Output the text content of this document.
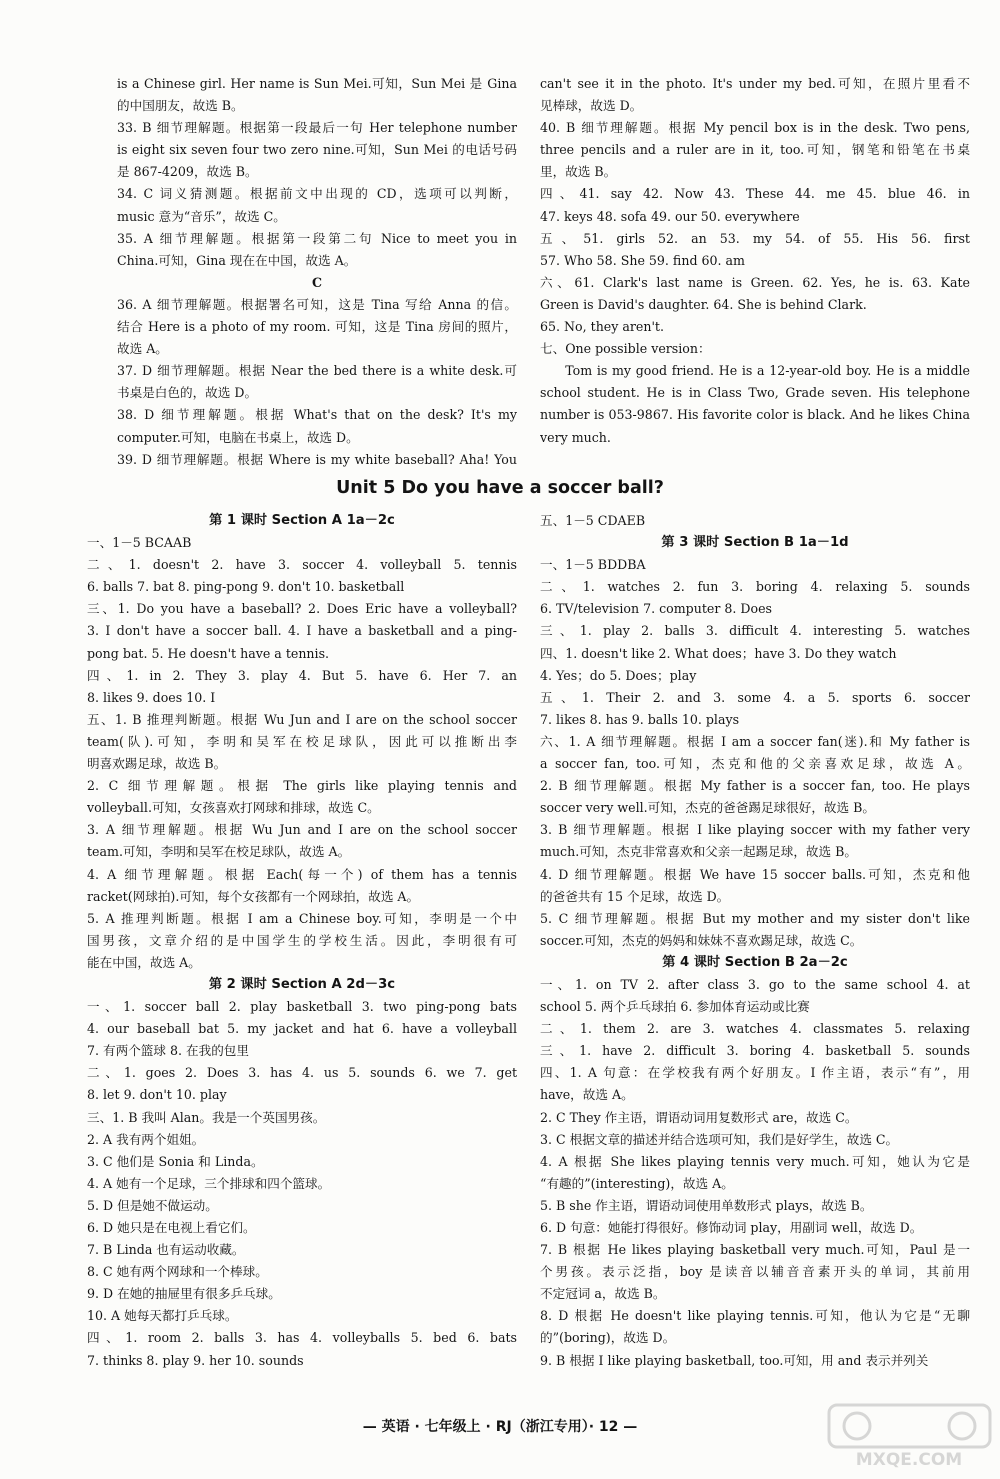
is a Chinese girl. Her name is Sun Mei.可知，Sun Mei 是 Gina
的中国朋友，故选 B。
33. B 细节理解题。根据第一段最后一句 Her telephone number
is eight six seven four two zero nine.可知，Sun Mei 的电话号码
是 867-4209，故选 B。
34. C 词义猜测题。根据前文中出现的 CD，选项可以判断，
music 意为“音乐”，故选 C。
35. A 细节理解题。根据第一段第二句 Nice to meet you in
China.可知，Gina 现在在中国，故选 A。
C
36. A 细节理解题。根据署名可知，这是 Tina 写给 Anna 的信。
结合 Here is a photo of my room. 可知，这是 Tina 房间的照片，
故选 A。
37. D 细节理解题。根据 Near the bed there is a white desk.可
书桌是白色的，故选 D。
38. D 细节理解题。根据 What's that on the desk? It's my
computer.可知，电脑在书桌上，故选 D。
39. D 细节理解题。根据 Where is my white baseball? Aha! You
can't see it in the photo. It's under my bed.可知，在照片里看不
见棒球，故选 D。
40. B 细节理解题。根据 My pencil box is in the desk. Two pens,
three pencils and a ruler are in it, too.可知，钢笔和铅笔在书桌
里，故选 B。
四、41. say 42. Now 43. These 44. me 45. blue 46. in
47. keys 48. sofa 49. our 50. everywhere
五、51. girls 52. an 53. my 54. of 55. His 56. first
57. Who 58. She 59. find 60. am
六、61. Clark's last name is Green. 62. Yes, he is. 63. Kate
Green is David's daughter. 64. She is behind Clark.
65. No, they aren't.
七、One possible version：
Tom is my good friend. He is a 12-year-old boy. He is a middle
school student. He is in Class Two, Grade seven. His telephone
number is 053-9867. His favorite color is black. And he likes China
very much.
Unit 5 Do you have a soccer ball?
第 1 课时 Section A 1a－2c
一、1－5 BCAAB
二、1. doesn't 2. have 3. soccer 4. volleyball 5. tennis
6. balls 7. bat 8. ping-pong 9. don't 10. basketball
三、1. Do you have a baseball? 2. Does Eric have a volleyball?
3. I don't have a soccer ball. 4. I have a basketball and a ping-
pong bat. 5. He doesn't have a tennis.
四、1. in 2. They 3. play 4. But 5. have 6. Her 7. an
8. likes 9. does 10. I
五、1. B 推理判断题。根据 Wu Jun and I are on the school soccer
team(队).可知，李明和吴军在校足球队，因此可以推断出李
明喜欢踢足球，故选 B。
2. C 细节理解题。根据 The girls like playing tennis and
volleyball.可知，女孩喜欢打网球和排球，故选 C。
3. A 细节理解题。根据 Wu Jun and I are on the school soccer
team.可知，李明和吴军在校足球队，故选 A。
4. A 细节理解题。根据 Each(每一个) of them has a tennis
racket(网球拍).可知，每个女孩都有一个网球拍，故选 A。
5. A 推理判断题。根据 I am a Chinese boy.可知，李明是一个中
国男孩，文章介绍的是中国学生的学校生活。因此，李明很有可
能在中国，故选 A。
第 2 课时 Section A 2d－3c
一、1. soccer ball 2. play basketball 3. two ping-pong bats
4. our baseball bat 5. my jacket and hat 6. have a volleyball
7. 有两个篮球 8. 在我的包里
二、1. goes 2. Does 3. has 4. us 5. sounds 6. we 7. get
8. let 9. don't 10. play
三、1. B 我叫 Alan。我是一个英国男孩。
2. A 我有两个姐姐。
3. C 他们是 Sonia 和 Linda。
4. A 她有一个足球，三个排球和四个篮球。
5. D 但是她不做运动。
6. D 她只是在电视上看它们。
7. B Linda 也有运动收藏。
8. C 她有两个网球和一个棒球。
9. D 在她的抽屉里有很多乒乓球。
10. A 她每天都打乒乓球。
四、1. room 2. balls 3. has 4. volleyballs 5. bed 6. bats
7. thinks 8. play 9. her 10. sounds
五、1－5 CDAEB
第 3 课时 Section B 1a－1d
一、1－5 BDDBA
二、1. watches 2. fun 3. boring 4. relaxing 5. sounds
6. TV/television 7. computer 8. Does
三、1. play 2. balls 3. difficult 4. interesting 5. watches
四、1. doesn't like 2. What does；have 3. Do they watch
4. Yes；do 5. Does；play
五、1. Their 2. and 3. some 4. a 5. sports 6. soccer
7. likes 8. has 9. balls 10. plays
六、1. A 细节理解题。根据 I am a soccer fan(迷).和 My father is
a soccer fan, too.可知，杰克和他的父亲喜欢足球，故选 A。
2. B 细节理解题。根据 My father is a soccer fan, too. He plays
soccer very well.可知，杰克的爸爸踢足球很好，故选 B。
3. B 细节理解题。根据 I like playing soccer with my father very
much.可知，杰克非常喜欢和父亲一起踢足球，故选 B。
4. D 细节理解题。根据 We have 15 soccer balls.可知，杰克和他
的爸爸共有 15 个足球，故选 D。
5. C 细节理解题。根据 But my mother and my sister don't like
soccer.可知，杰克的妈妈和妹妹不喜欢踢足球，故选 C。
第 4 课时 Section B 2a－2c
一、1. on TV 2. after class 3. go to the same school 4. at
school 5. 两个乒乓球拍 6. 参加体育运动或比赛
二、1. them 2. are 3. watches 4. classmates 5. relaxing
三、1. have 2. difficult 3. boring 4. basketball 5. sounds
四、1. A 句意：在学校我有两个好朋友。I 作主语，表示“有”，用
have，故选 A。
2. C They 作主语，谓语动词用复数形式 are，故选 C。
3. C 根据文章的描述并结合选项可知，我们是好学生，故选 C。
4. A 根据 She likes playing tennis very much.可知，她认为它是
“有趣的”(interesting)，故选 A。
5. B she 作主语，谓语动词使用单数形式 plays，故选 B。
6. D 句意：她能打得很好。修饰动词 play，用副词 well，故选 D。
7. B 根据 He likes playing basketball very much.可知，Paul 是一
个男孩。表示泛指，boy 是读音以辅音音素开头的单词，其前用
不定冠词 a，故选 B。
8. D 根据 He doesn't like playing tennis.可知，他认为它是“无聊
的”(boring)，故选 D。
9. B 根据 I like playing basketball, too.可知，用 and 表示并列关
— 英语 · 七年级上 · RJ（浙江专用）· 12 —
MXQE.COM
